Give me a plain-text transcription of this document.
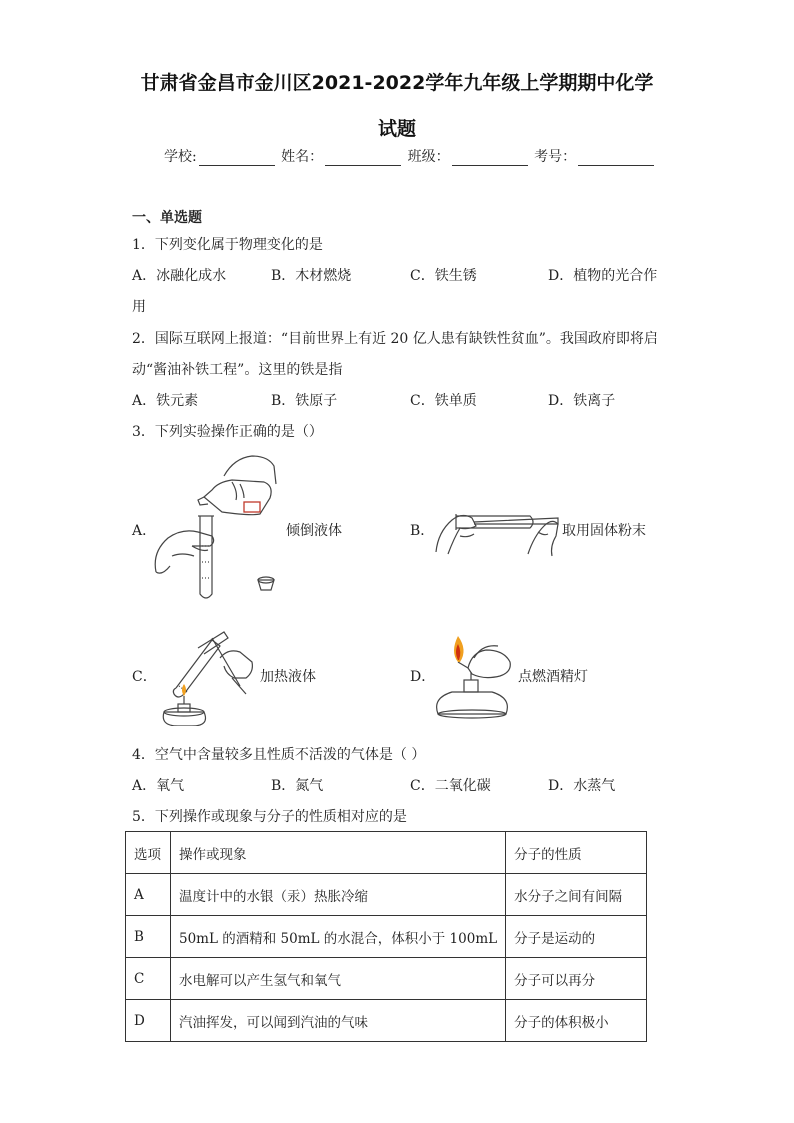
甘肃省金昌市金川区2021-2022学年九年级上学期期中化学
试题
学校:	姓名：	班级：	考号：
一、单选题
1．下列变化属于物理变化的是
A．冰融化成水	B．木材燃烧	C．铁生锈	D．植物的光合作
用
2．国际互联网上报道：“目前世界上有近 20 亿人患有缺铁性贫血”。我国政府即将启
动“酱油补铁工程”。这里的铁是指
A．铁元素	B．铁原子	C．铁单质	D．铁离子
3．下列实验操作正确的是（）
A．	倾倒液体	B．	取用固体粉末
C．	加热液体	D．	点燃酒精灯
4．空气中含量较多且性质不活泼的气体是（ ）
A．氧气	B．氮气	C．二氧化碳	D．水蒸气
5．下列操作或现象与分子的性质相对应的是
选项	操作或现象	分子的性质
A	温度计中的水银（汞）热胀冷缩	水分子之间有间隔
B	50mL 的酒精和 50mL 的水混合，体积小于 100mL	分子是运动的
C	水电解可以产生氢气和氧气	分子可以再分
D	汽油挥发，可以闻到汽油的气味	分子的体积极小
